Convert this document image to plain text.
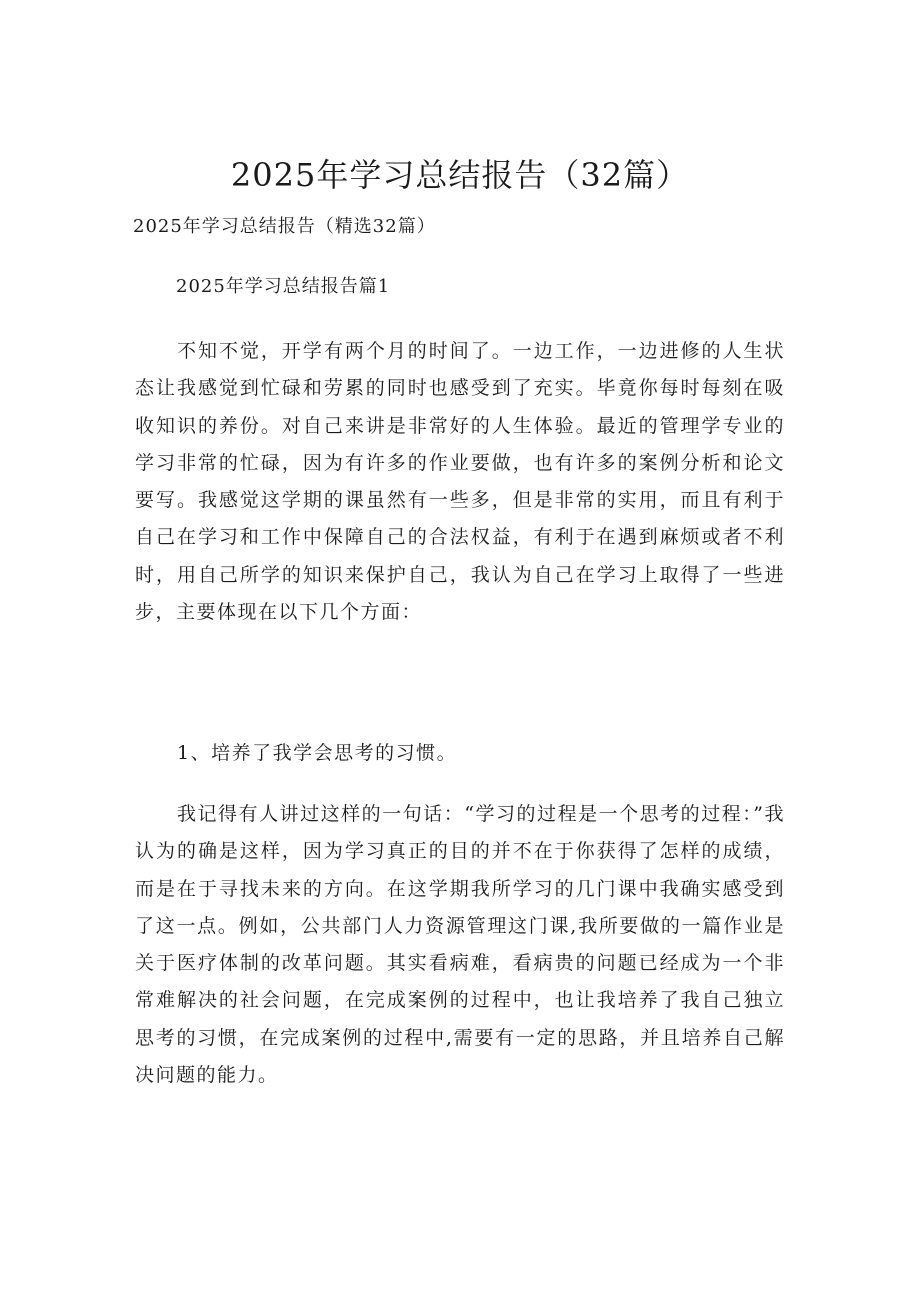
2025年学习总结报告（32篇）

2025年学习总结报告（精选32篇）

2025年学习总结报告篇1

不知不觉，开学有两个月的时间了。一边工作，一边进修的人生状态让我感觉到忙碌和劳累的同时也感受到了充实。毕竟你每时每刻在吸收知识的养份。对自己来讲是非常好的人生体验。最近的管理学专业的学习非常的忙碌，因为有许多的作业要做，也有许多的案例分析和论文要写。我感觉这学期的课虽然有一些多，但是非常的实用，而且有利于自己在学习和工作中保障自己的合法权益，有利于在遇到麻烦或者不利时，用自己所学的知识来保护自己，我认为自己在学习上取得了一些进步，主要体现在以下几个方面：

1、培养了我学会思考的习惯。

我记得有人讲过这样的一句话：“学习的过程是一个思考的过程：”我认为的确是这样，因为学习真正的目的并不在于你获得了怎样的成绩，而是在于寻找未来的方向。在这学期我所学习的几门课中我确实感受到了这一点。例如，公共部门人力资源管理这门课,我所要做的一篇作业是关于医疗体制的改革问题。其实看病难，看病贵的问题已经成为一个非常难解决的社会问题，在完成案例的过程中，也让我培养了我自己独立思考的习惯，在完成案例的过程中,需要有一定的思路，并且培养自己解决问题的能力。
